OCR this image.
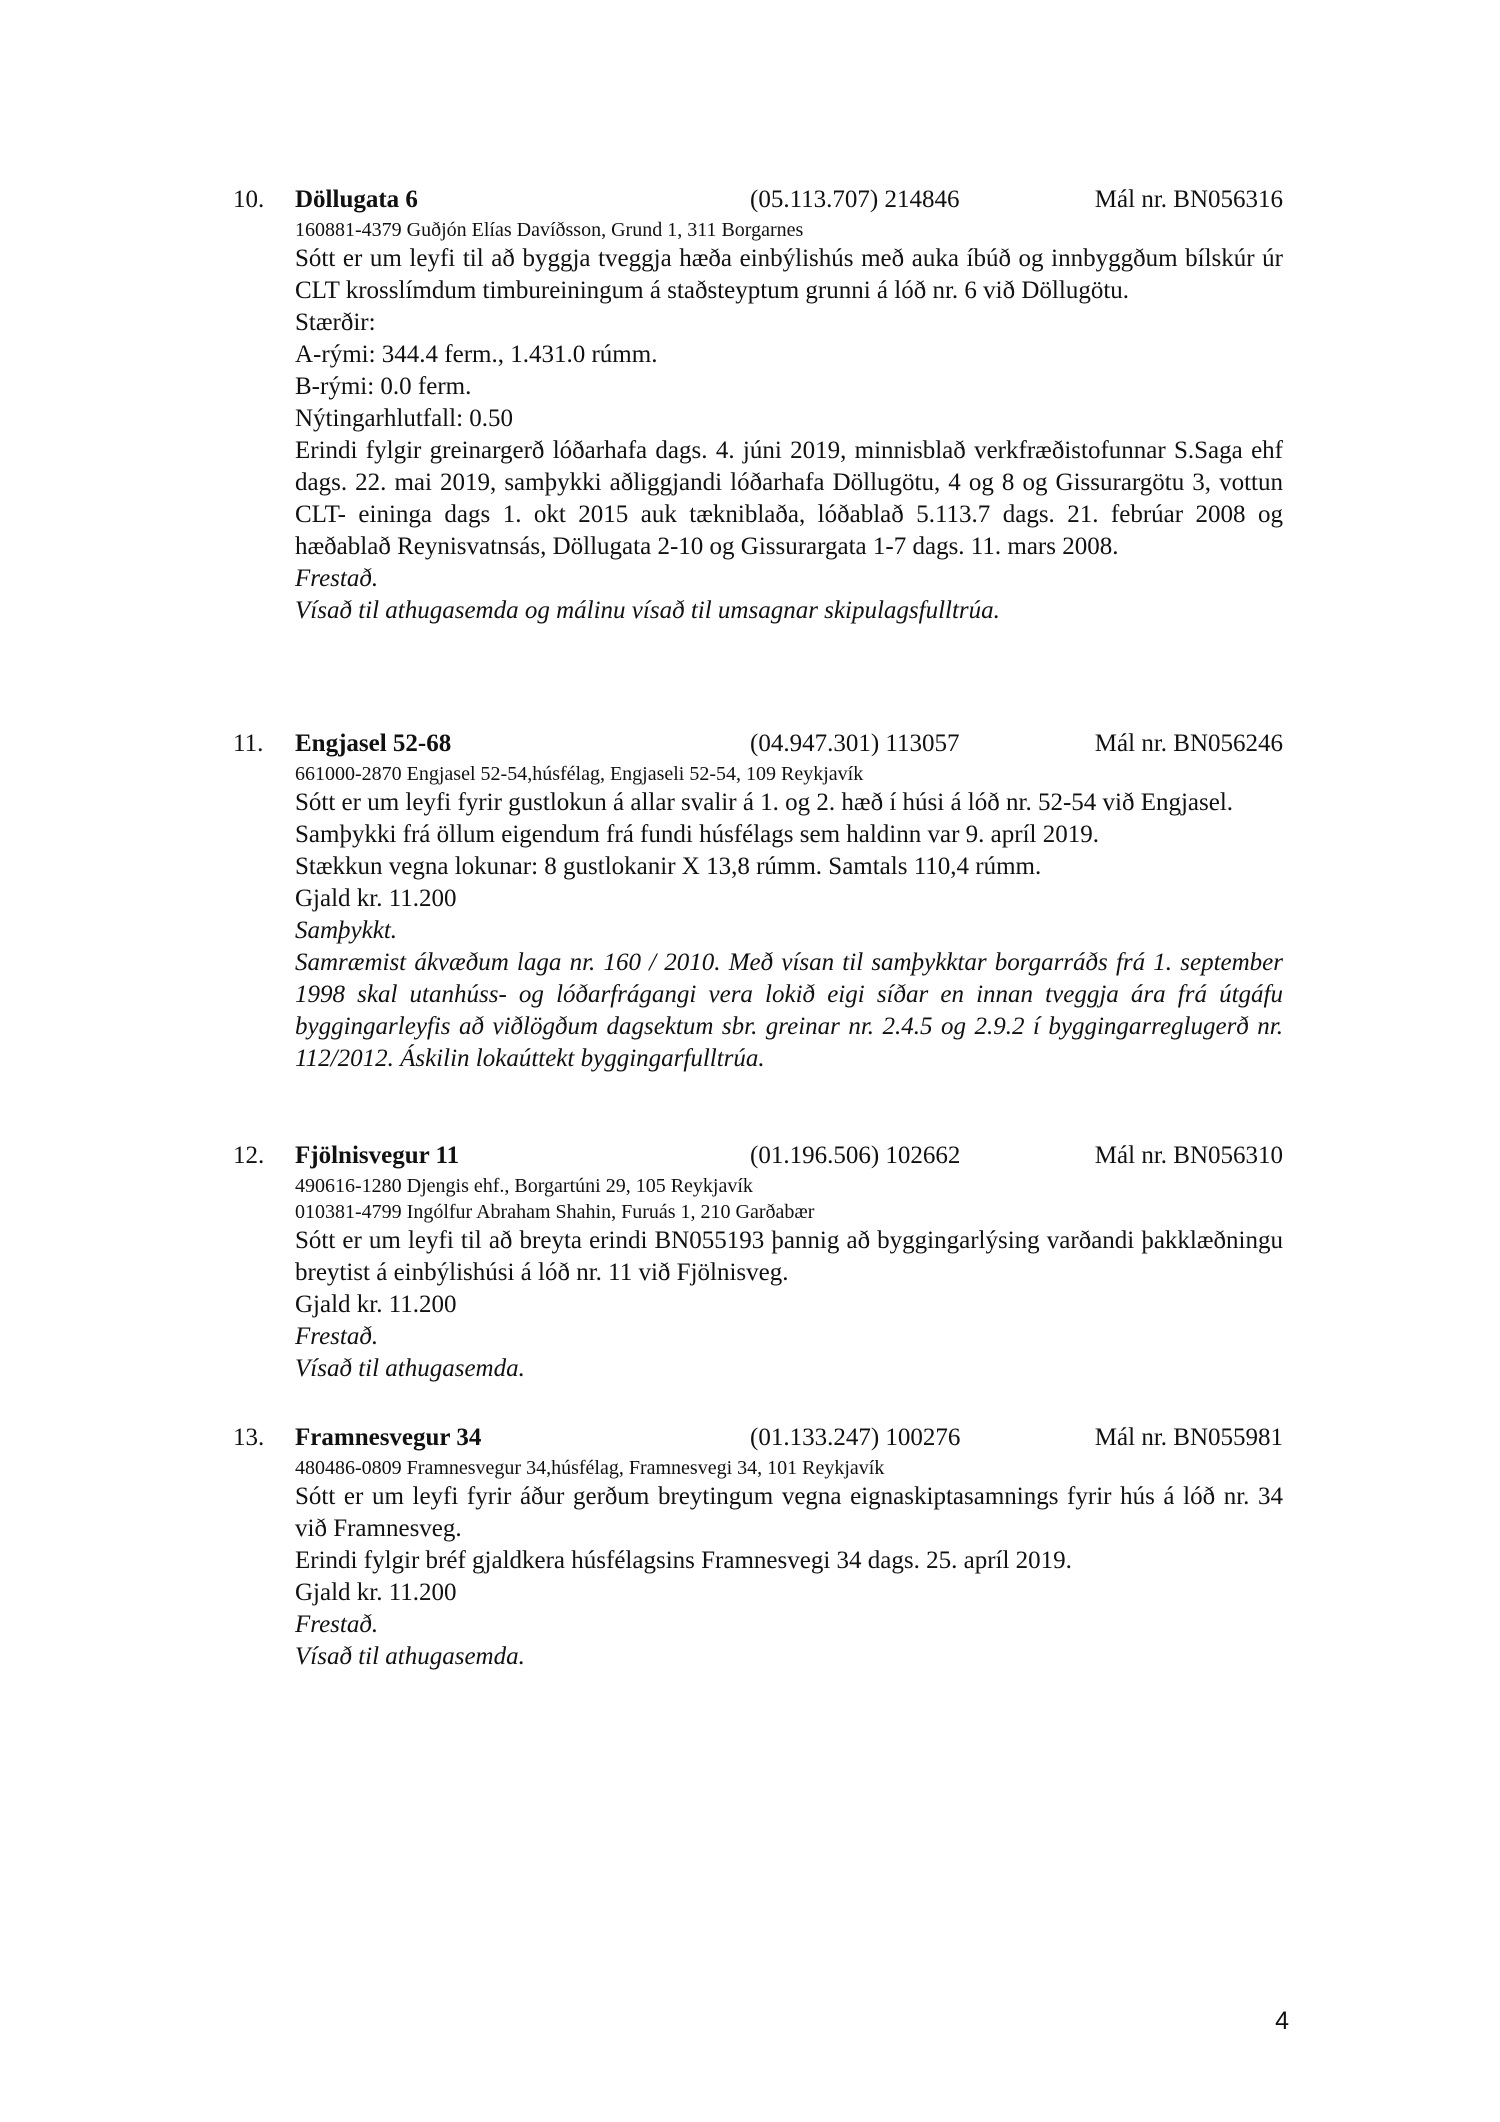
10. Döllugata 6	(05.113.707) 214846	Mál nr. BN056316

160881-4379 Guðjón Elías Davíðsson, Grund 1, 311 Borgarnes

Sótt er um leyfi til að byggja tveggja hæða einbýlishús með auka íbúð og innbyggðum bílskúr úr CLT krosslímdum timbureiningum á staðsteyptum grunni á lóð nr. 6 við Döllugötu.

Stærðir:

A-rými: 344.4 ferm., 1.431.0 rúmm.

B-rými: 0.0 ferm.

Nýtingarhlutfall: 0.50

Erindi fylgir greinargerð lóðarhafa dags. 4. júni 2019, minnisblað verkfræðistofunnar S.Saga ehf dags. 22. mai 2019, samþykki aðliggjandi lóðarhafa Döllugötu, 4 og 8 og Gissurargötu 3, vottun CLT- eininga dags 1. okt 2015 auk tækniblaða, lóðablað 5.113.7 dags. 21. febrúar 2008 og hæðablað Reynisvatnsás, Döllugata 2-10 og Gissurargata 1-7 dags. 11. mars 2008.

Frestað.

Vísað til athugasemda og málinu vísað til umsagnar skipulagsfulltrúa.

11. Engjasel 52-68	(04.947.301) 113057	Mál nr. BN056246

661000-2870 Engjasel 52-54,húsfélag, Engjaseli 52-54, 109 Reykjavík

Sótt er um leyfi fyrir gustlokun á allar svalir á 1. og 2. hæð í húsi á lóð nr. 52-54 við Engjasel.

Samþykki frá öllum eigendum frá fundi húsfélags sem haldinn var 9. apríl 2019.

Stækkun vegna lokunar: 8 gustlokanir X 13,8 rúmm. Samtals 110,4 rúmm.

Gjald kr. 11.200

Samþykkt.

Samræmist ákvæðum laga nr. 160 / 2010. Með vísan til samþykktar borgarráðs frá 1. september 1998 skal utanhúss- og lóðarfrágangi vera lokið eigi síðar en innan tveggja ára frá útgáfu byggingarleyfis að viðlögðum dagsektum sbr. greinar nr. 2.4.5 og 2.9.2 í byggingarreglugerð nr. 112/2012. Áskilin lokaúttekt byggingarfulltrúa.

12. Fjölnisvegur 11	(01.196.506) 102662	Mál nr. BN056310

490616-1280 Djengis ehf., Borgartúni 29, 105 Reykjavík

010381-4799 Ingólfur Abraham Shahin, Furuás 1, 210 Garðabær

Sótt er um leyfi til að breyta erindi BN055193 þannig að byggingarlýsing varðandi þakklæðningu breytist á einbýlishúsi á lóð nr. 11 við Fjölnisveg.

Gjald kr. 11.200

Frestað.

Vísað til athugasemda.

13. Framnesvegur 34	(01.133.247) 100276	Mál nr. BN055981

480486-0809 Framnesvegur 34,húsfélag, Framnesvegi 34, 101 Reykjavík

Sótt er um leyfi fyrir áður gerðum breytingum vegna eignaskiptasamnings fyrir hús á lóð nr. 34 við Framnesveg.

Erindi fylgir bréf gjaldkera húsfélagsins Framnesvegi 34 dags. 25. apríl 2019.

Gjald kr. 11.200

Frestað.

Vísað til athugasemda.

4
